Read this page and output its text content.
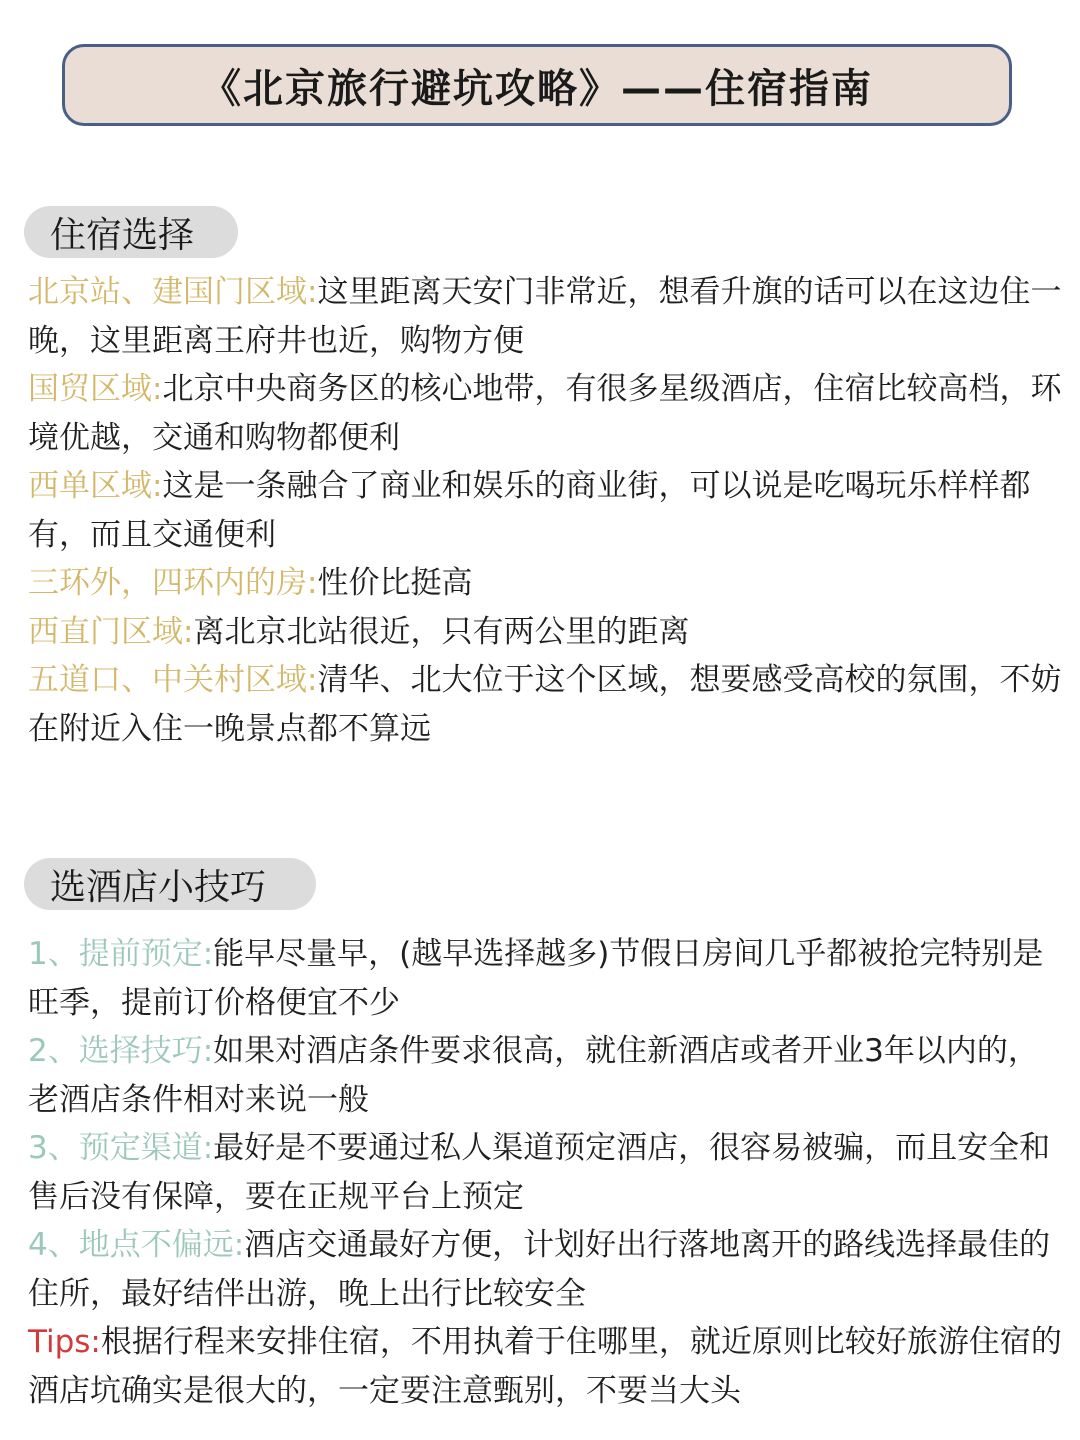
《北京旅行避坑攻略》——住宿指南
住宿选择

北京站、建国门区域:这里距离天安门非常近，想看升旗的话可以在这边住一晚，这里距离王府井也近，购物方便

国贸区域:北京中央商务区的核心地带，有很多星级酒店，住宿比较高档，环境优越，交通和购物都便利

西单区域:这是一条融合了商业和娱乐的商业街，可以说是吃喝玩乐样样都有，而且交通便利

三环外，四环内的房:性价比挺高

西直门区域:离北京北站很近，只有两公里的距离

五道口、中关村区域:清华、北大位于这个区域，想要感受高校的氛围，不妨在附近入住一晚景点都不算远

选酒店小技巧

1、提前预定:能早尽量早，(越早选择越多)节假日房间几乎都被抢完特别是旺季，提前订价格便宜不少

2、选择技巧:如果对酒店条件要求很高，就住新酒店或者开业3年以内的，老酒店条件相对来说一般

3、预定渠道:最好是不要通过私人渠道预定酒店，很容易被骗，而且安全和售后没有保障，要在正规平台上预定

4、地点不偏远:酒店交通最好方便，计划好出行落地离开的路线选择最佳的住所，最好结伴出游，晚上出行比较安全

Tips:根据行程来安排住宿，不用执着于住哪里，就近原则比较好旅游住宿的酒店坑确实是很大的，一定要注意甄别，不要当大头
